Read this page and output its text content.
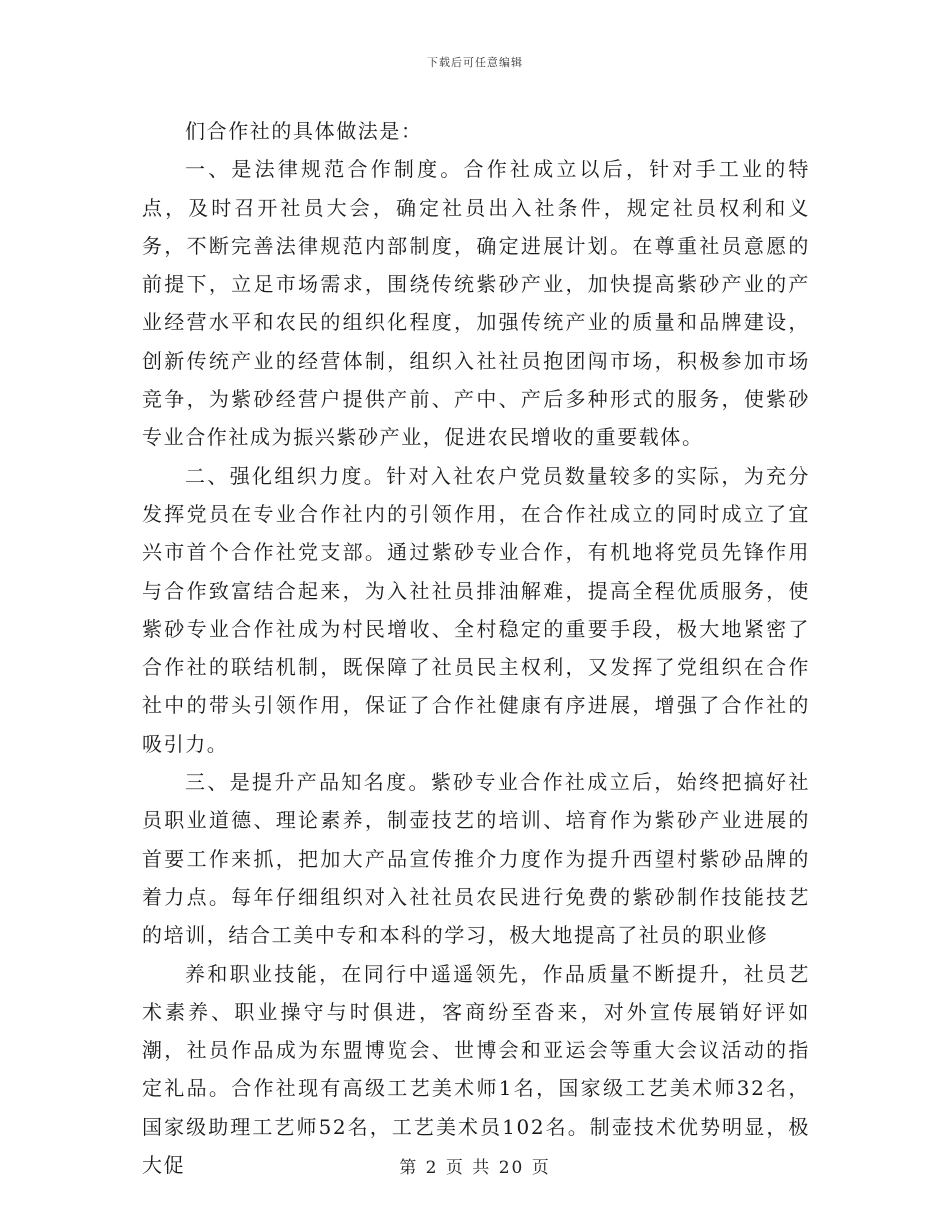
下载后可任意编辑

们合作社的具体做法是：

一、是法律规范合作制度。合作社成立以后，针对手工业的特点，及时召开社员大会，确定社员出入社条件，规定社员权利和义务，不断完善法律规范内部制度，确定进展计划。在尊重社员意愿的前提下，立足市场需求，围绕传统紫砂产业，加快提高紫砂产业的产业经营水平和农民的组织化程度，加强传统产业的质量和品牌建设，创新传统产业的经营体制，组织入社社员抱团闯市场，积极参加市场竞争，为紫砂经营户提供产前、产中、产后多种形式的服务，使紫砂专业合作社成为振兴紫砂产业，促进农民增收的重要载体。

二、强化组织力度。针对入社农户党员数量较多的实际，为充分发挥党员在专业合作社内的引领作用，在合作社成立的同时成立了宜兴市首个合作社党支部。通过紫砂专业合作，有机地将党员先锋作用与合作致富结合起来，为入社社员排油解难，提高全程优质服务，使紫砂专业合作社成为村民增收、全村稳定的重要手段，极大地紧密了合作社的联结机制，既保障了社员民主权利，又发挥了党组织在合作社中的带头引领作用，保证了合作社健康有序进展，增强了合作社的吸引力。

三、是提升产品知名度。紫砂专业合作社成立后，始终把搞好社员职业道德、理论素养，制壶技艺的培训、培育作为紫砂产业进展的首要工作来抓，把加大产品宣传推介力度作为提升西望村紫砂品牌的着力点。每年仔细组织对入社社员农民进行免费的紫砂制作技能技艺的培训，结合工美中专和本科的学习，极大地提高了社员的职业修

养和职业技能，在同行中遥遥领先，作品质量不断提升，社员艺术素养、职业操守与时俱进，客商纷至沓来，对外宣传展销好评如潮，社员作品成为东盟博览会、世博会和亚运会等重大会议活动的指定礼品。合作社现有高级工艺美术师1名，国家级工艺美术师32名，国家级助理工艺师52名，工艺美术员102名。制壶技术优势明显，极大促	第 2 页 共 20 页
